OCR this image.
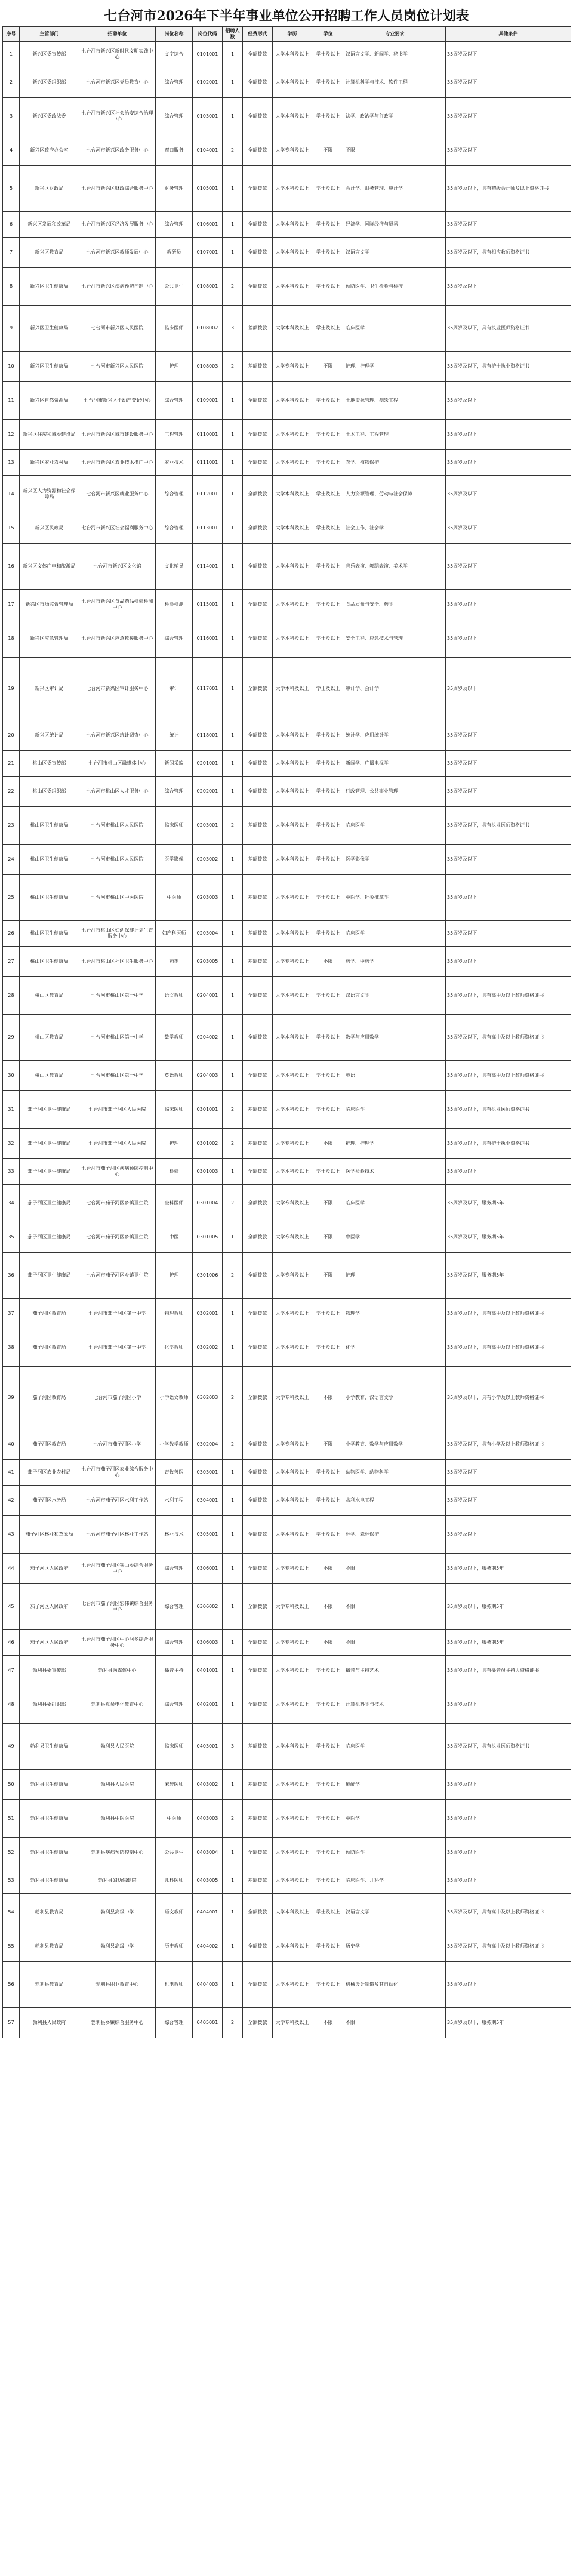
七台河市2026年下半年事业单位公开招聘工作人员岗位计划表
序号	主管部门	招聘单位	岗位名称	岗位代码	招聘人数	经费形式	学历	学位	专业要求	其他条件
1	新兴区委宣传部	七台河市新兴区新时代文明实践中心	文字综合	0101001	1	全额拨款	大学本科及以上	学士及以上	汉语言文学、新闻学、秘书学	35周岁及以下
2	新兴区委组织部	七台河市新兴区党员教育中心	综合管理	0102001	1	全额拨款	大学本科及以上	学士及以上	计算机科学与技术、软件工程	35周岁及以下
3	新兴区委政法委	七台河市新兴区社会治安综合治理中心	综合管理	0103001	1	全额拨款	大学本科及以上	学士及以上	法学、政治学与行政学	35周岁及以下
4	新兴区政府办公室	七台河市新兴区政务服务中心	窗口服务	0104001	2	全额拨款	大学专科及以上	不限	不限	35周岁及以下
5	新兴区财政局	七台河市新兴区财政综合服务中心	财务管理	0105001	1	全额拨款	大学本科及以上	学士及以上	会计学、财务管理、审计学	35周岁及以下，具有初级会计师及以上资格证书
6	新兴区发展和改革局	七台河市新兴区经济发展服务中心	综合管理	0106001	1	全额拨款	大学本科及以上	学士及以上	经济学、国际经济与贸易	35周岁及以下
7	新兴区教育局	七台河市新兴区教师发展中心	教研员	0107001	1	全额拨款	大学本科及以上	学士及以上	汉语言文学	35周岁及以下，具有相应教师资格证书
8	新兴区卫生健康局	七台河市新兴区疾病预防控制中心	公共卫生	0108001	2	全额拨款	大学本科及以上	学士及以上	预防医学、卫生检验与检疫	35周岁及以下
9	新兴区卫生健康局	七台河市新兴区人民医院	临床医师	0108002	3	差额拨款	大学本科及以上	学士及以上	临床医学	35周岁及以下，具有执业医师资格证书
10	新兴区卫生健康局	七台河市新兴区人民医院	护理	0108003	2	差额拨款	大学专科及以上	不限	护理、护理学	35周岁及以下，具有护士执业资格证书
11	新兴区自然资源局	七台河市新兴区不动产登记中心	综合管理	0109001	1	全额拨款	大学本科及以上	学士及以上	土地资源管理、测绘工程	35周岁及以下
12	新兴区住房和城乡建设局	七台河市新兴区城市建设服务中心	工程管理	0110001	1	全额拨款	大学本科及以上	学士及以上	土木工程、工程管理	35周岁及以下
13	新兴区农业农村局	七台河市新兴区农业技术推广中心	农业技术	0111001	1	全额拨款	大学本科及以上	学士及以上	农学、植物保护	35周岁及以下
14	新兴区人力资源和社会保障局	七台河市新兴区就业服务中心	综合管理	0112001	1	全额拨款	大学本科及以上	学士及以上	人力资源管理、劳动与社会保障	35周岁及以下
15	新兴区民政局	七台河市新兴区社会福利服务中心	综合管理	0113001	1	全额拨款	大学本科及以上	学士及以上	社会工作、社会学	35周岁及以下
16	新兴区文体广电和旅游局	七台河市新兴区文化馆	文化辅导	0114001	1	全额拨款	大学本科及以上	学士及以上	音乐表演、舞蹈表演、美术学	35周岁及以下
17	新兴区市场监督管理局	七台河市新兴区食品药品检验检测中心	检验检测	0115001	1	全额拨款	大学本科及以上	学士及以上	食品质量与安全、药学	35周岁及以下
18	新兴区应急管理局	七台河市新兴区应急救援服务中心	综合管理	0116001	1	全额拨款	大学本科及以上	学士及以上	安全工程、应急技术与管理	35周岁及以下
19	新兴区审计局	七台河市新兴区审计服务中心	审计	0117001	1	全额拨款	大学本科及以上	学士及以上	审计学、会计学	35周岁及以下
20	新兴区统计局	七台河市新兴区统计调查中心	统计	0118001	1	全额拨款	大学本科及以上	学士及以上	统计学、应用统计学	35周岁及以下
21	桃山区委宣传部	七台河市桃山区融媒体中心	新闻采编	0201001	1	全额拨款	大学本科及以上	学士及以上	新闻学、广播电视学	35周岁及以下
22	桃山区委组织部	七台河市桃山区人才服务中心	综合管理	0202001	1	全额拨款	大学本科及以上	学士及以上	行政管理、公共事业管理	35周岁及以下
23	桃山区卫生健康局	七台河市桃山区人民医院	临床医师	0203001	2	差额拨款	大学本科及以上	学士及以上	临床医学	35周岁及以下，具有执业医师资格证书
24	桃山区卫生健康局	七台河市桃山区人民医院	医学影像	0203002	1	差额拨款	大学本科及以上	学士及以上	医学影像学	35周岁及以下
25	桃山区卫生健康局	七台河市桃山区中医医院	中医师	0203003	1	差额拨款	大学本科及以上	学士及以上	中医学、针灸推拿学	35周岁及以下
26	桃山区卫生健康局	七台河市桃山区妇幼保健计划生育服务中心	妇产科医师	0203004	1	差额拨款	大学本科及以上	学士及以上	临床医学	35周岁及以下
27	桃山区卫生健康局	七台河市桃山区社区卫生服务中心	药剂	0203005	1	差额拨款	大学专科及以上	不限	药学、中药学	35周岁及以下
28	桃山区教育局	七台河市桃山区第一中学	语文教师	0204001	1	全额拨款	大学本科及以上	学士及以上	汉语言文学	35周岁及以下，具有高中及以上教师资格证书
29	桃山区教育局	七台河市桃山区第一中学	数学教师	0204002	1	全额拨款	大学本科及以上	学士及以上	数学与应用数学	35周岁及以下，具有高中及以上教师资格证书
30	桃山区教育局	七台河市桃山区第一中学	英语教师	0204003	1	全额拨款	大学本科及以上	学士及以上	英语	35周岁及以下，具有高中及以上教师资格证书
31	茄子河区卫生健康局	七台河市茄子河区人民医院	临床医师	0301001	2	差额拨款	大学本科及以上	学士及以上	临床医学	35周岁及以下，具有执业医师资格证书
32	茄子河区卫生健康局	七台河市茄子河区人民医院	护理	0301002	2	差额拨款	大学专科及以上	不限	护理、护理学	35周岁及以下，具有护士执业资格证书
33	茄子河区卫生健康局	七台河市茄子河区疾病预防控制中心	检验	0301003	1	全额拨款	大学本科及以上	学士及以上	医学检验技术	35周岁及以下
34	茄子河区卫生健康局	七台河市茄子河区乡镇卫生院	全科医师	0301004	2	全额拨款	大学专科及以上	不限	临床医学	35周岁及以下，服务期5年
35	茄子河区卫生健康局	七台河市茄子河区乡镇卫生院	中医	0301005	1	全额拨款	大学专科及以上	不限	中医学	35周岁及以下，服务期5年
36	茄子河区卫生健康局	七台河市茄子河区乡镇卫生院	护理	0301006	2	全额拨款	大学专科及以上	不限	护理	35周岁及以下，服务期5年
37	茄子河区教育局	七台河市茄子河区第一中学	物理教师	0302001	1	全额拨款	大学本科及以上	学士及以上	物理学	35周岁及以下，具有高中及以上教师资格证书
38	茄子河区教育局	七台河市茄子河区第一中学	化学教师	0302002	1	全额拨款	大学本科及以上	学士及以上	化学	35周岁及以下，具有高中及以上教师资格证书
39	茄子河区教育局	七台河市茄子河区小学	小学语文教师	0302003	2	全额拨款	大学专科及以上	不限	小学教育、汉语言文学	35周岁及以下，具有小学及以上教师资格证书
40	茄子河区教育局	七台河市茄子河区小学	小学数学教师	0302004	2	全额拨款	大学专科及以上	不限	小学教育、数学与应用数学	35周岁及以下，具有小学及以上教师资格证书
41	茄子河区农业农村局	七台河市茄子河区农业综合服务中心	畜牧兽医	0303001	1	全额拨款	大学本科及以上	学士及以上	动物医学、动物科学	35周岁及以下
42	茄子河区水务局	七台河市茄子河区水利工作站	水利工程	0304001	1	全额拨款	大学本科及以上	学士及以上	水利水电工程	35周岁及以下
43	茄子河区林业和草原局	七台河市茄子河区林业工作站	林业技术	0305001	1	全额拨款	大学本科及以上	学士及以上	林学、森林保护	35周岁及以下
44	茄子河区人民政府	七台河市茄子河区铁山乡综合服务中心	综合管理	0306001	1	全额拨款	大学专科及以上	不限	不限	35周岁及以下，服务期5年
45	茄子河区人民政府	七台河市茄子河区宏伟镇综合服务中心	综合管理	0306002	1	全额拨款	大学专科及以上	不限	不限	35周岁及以下，服务期5年
46	茄子河区人民政府	七台河市茄子河区中心河乡综合服务中心	综合管理	0306003	1	全额拨款	大学专科及以上	不限	不限	35周岁及以下，服务期5年
47	勃利县委宣传部	勃利县融媒体中心	播音主持	0401001	1	全额拨款	大学本科及以上	学士及以上	播音与主持艺术	35周岁及以下，具有播音员主持人资格证书
48	勃利县委组织部	勃利县党员电化教育中心	综合管理	0402001	1	全额拨款	大学本科及以上	学士及以上	计算机科学与技术	35周岁及以下
49	勃利县卫生健康局	勃利县人民医院	临床医师	0403001	3	差额拨款	大学本科及以上	学士及以上	临床医学	35周岁及以下，具有执业医师资格证书
50	勃利县卫生健康局	勃利县人民医院	麻醉医师	0403002	1	差额拨款	大学本科及以上	学士及以上	麻醉学	35周岁及以下
51	勃利县卫生健康局	勃利县中医医院	中医师	0403003	2	差额拨款	大学本科及以上	学士及以上	中医学	35周岁及以下
52	勃利县卫生健康局	勃利县疾病预防控制中心	公共卫生	0403004	1	全额拨款	大学本科及以上	学士及以上	预防医学	35周岁及以下
53	勃利县卫生健康局	勃利县妇幼保健院	儿科医师	0403005	1	差额拨款	大学本科及以上	学士及以上	临床医学、儿科学	35周岁及以下
54	勃利县教育局	勃利县高级中学	语文教师	0404001	1	全额拨款	大学本科及以上	学士及以上	汉语言文学	35周岁及以下，具有高中及以上教师资格证书
55	勃利县教育局	勃利县高级中学	历史教师	0404002	1	全额拨款	大学本科及以上	学士及以上	历史学	35周岁及以下，具有高中及以上教师资格证书
56	勃利县教育局	勃利县职业教育中心	机电教师	0404003	1	全额拨款	大学本科及以上	学士及以上	机械设计制造及其自动化	35周岁及以下
57	勃利县人民政府	勃利县乡镇综合服务中心	综合管理	0405001	2	全额拨款	大学专科及以上	不限	不限	35周岁及以下，服务期5年
